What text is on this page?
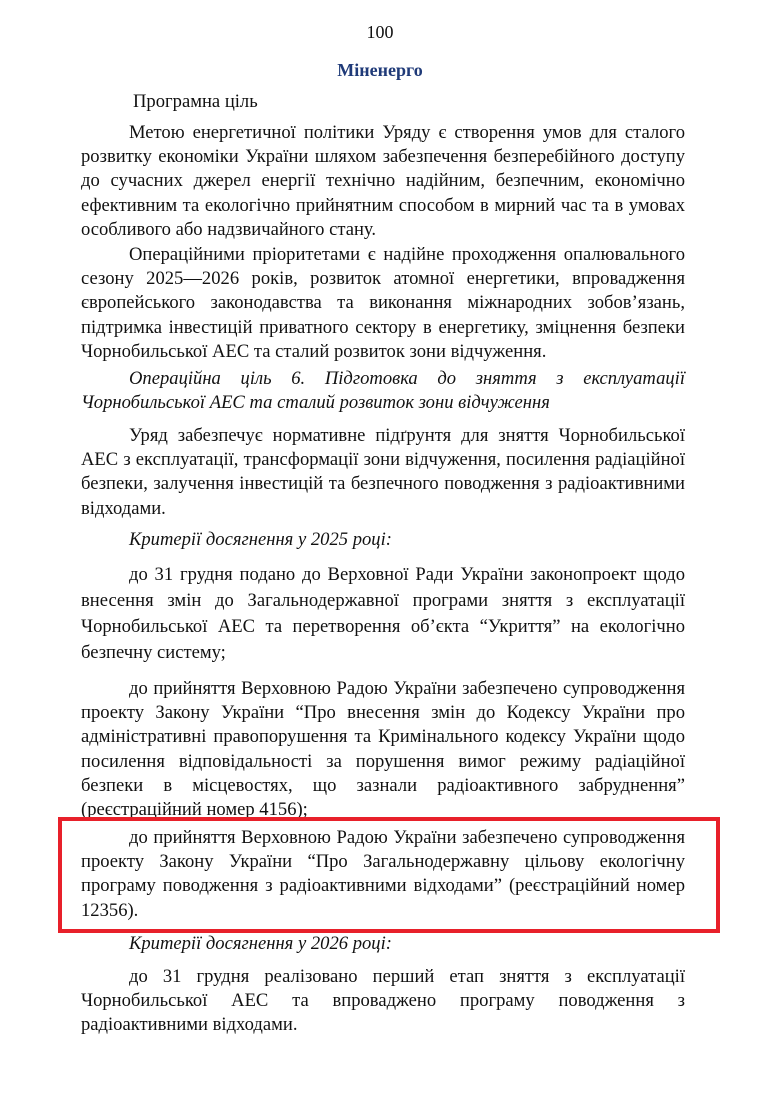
100
Міненерго

Програмна ціль

Метою енергетичної політики Уряду є створення умов для сталого розвитку економіки України шляхом забезпечення безперебійного доступу до сучасних джерел енергії технічно надійним, безпечним, економічно ефективним та екологічно прийнятним способом в мирний час та в умовах особливого або надзвичайного стану.

Операційними пріоритетами є надійне проходження опалювального сезону 2025—2026 років, розвиток атомної енергетики, впровадження європейського законодавства та виконання міжнародних зобов’язань, підтримка інвестицій приватного сектору в енергетику, зміцнення безпеки Чорнобильської АЕС та сталий розвиток зони відчуження.

Операційна ціль 6. Підготовка до зняття з експлуатації Чорнобильської АЕС та сталий розвиток зони відчуження

Уряд забезпечує нормативне підґрунтя для зняття Чорнобильської АЕС з експлуатації, трансформації зони відчуження, посилення радіаційної безпеки, залучення інвестицій та безпечного поводження з радіоактивними відходами.

Критерії досягнення у 2025 році:

до 31 грудня подано до Верховної Ради України законопроект щодо внесення змін до Загальнодержавної програми зняття з експлуатації Чорнобильської АЕС та перетворення об’єкта “Укриття” на екологічно безпечну систему;

до прийняття Верховною Радою України забезпечено супроводження проекту Закону України “Про внесення змін до Кодексу України про адміністративні правопорушення та Кримінального кодексу України щодо посилення відповідальності за порушення вимог режиму радіаційної безпеки в місцевостях, що зазнали радіоактивного забруднення” (реєстраційний номер 4156);

до прийняття Верховною Радою України забезпечено супроводження проекту Закону України “Про Загальнодержавну цільову екологічну програму поводження з радіоактивними відходами” (реєстраційний номер 12356).

Критерії досягнення у 2026 році:

до 31 грудня реалізовано перший етап зняття з експлуатації Чорнобильської АЕС та впроваджено програму поводження з радіоактивними відходами.
